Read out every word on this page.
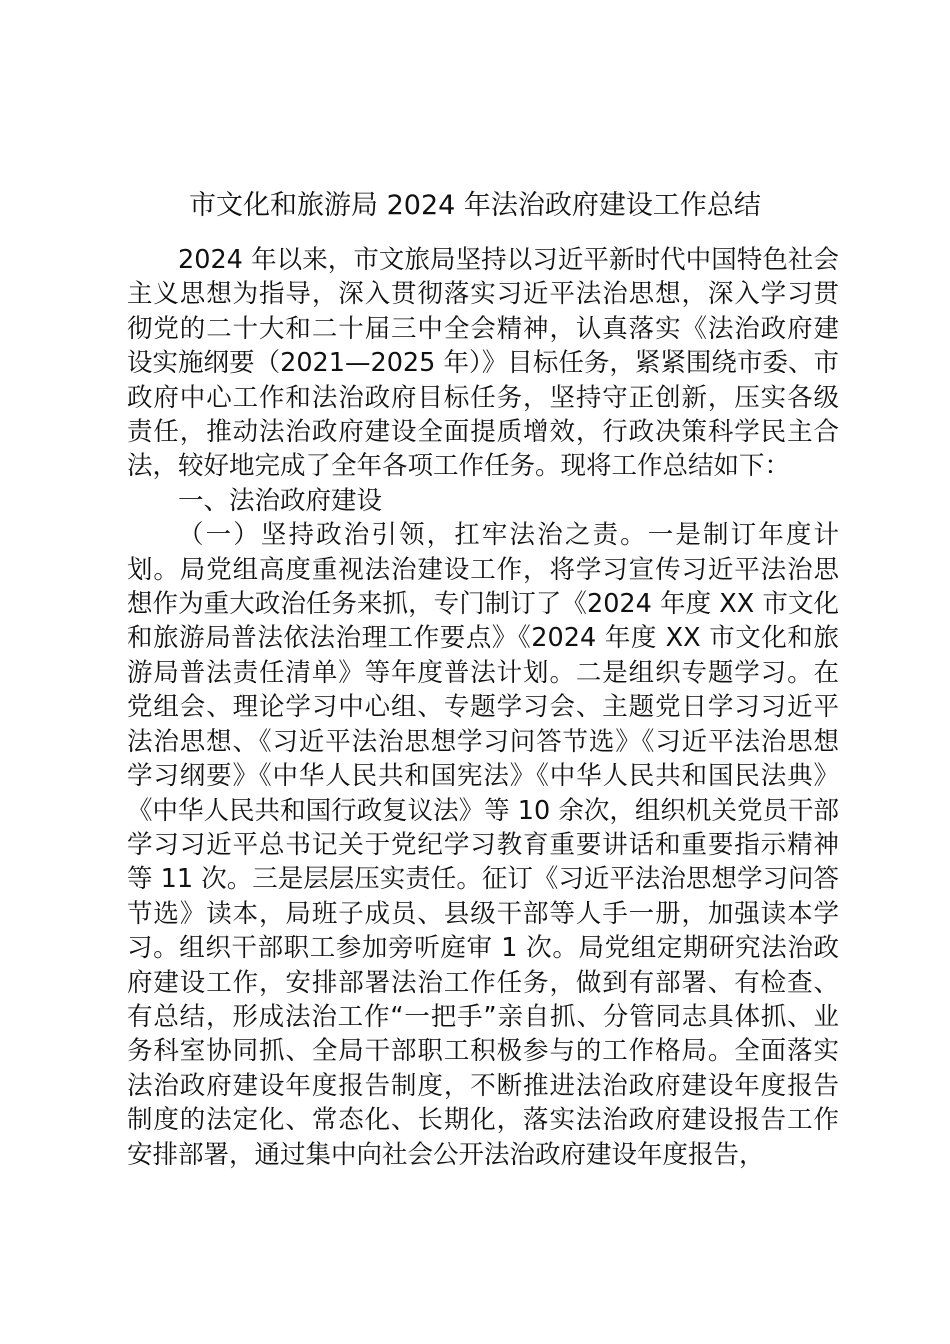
市文化和旅游局 2024 年法治政府建设工作总结

2024 年以来，市文旅局坚持以习近平新时代中国特色社会主义思想为指导，深入贯彻落实习近平法治思想，深入学习贯彻党的二十大和二十届三中全会精神，认真落实《法治政府建设实施纲要（2021—2025 年）》目标任务，紧紧围绕市委、市政府中心工作和法治政府目标任务，坚持守正创新，压实各级责任，推动法治政府建设全面提质增效，行政决策科学民主合法，较好地完成了全年各项工作任务。现将工作总结如下：

一、法治政府建设

（一）坚持政治引领，扛牢法治之责。一是制订年度计划。局党组高度重视法治建设工作，将学习宣传习近平法治思想作为重大政治任务来抓，专门制订了《2024 年度 XX 市文化和旅游局普法依法治理工作要点》《2024 年度 XX 市文化和旅游局普法责任清单》等年度普法计划。二是组织专题学习。在党组会、理论学习中心组、专题学习会、主题党日学习习近平法治思想、《习近平法治思想学习问答节选》《习近平法治思想学习纲要》《中华人民共和国宪法》《中华人民共和国民法典》《中华人民共和国行政复议法》等 10 余次，组织机关党员干部学习习近平总书记关于党纪学习教育重要讲话和重要指示精神等 11 次。三是层层压实责任。征订《习近平法治思想学习问答节选》读本，局班子成员、县级干部等人手一册，加强读本学习。组织干部职工参加旁听庭审 1 次。局党组定期研究法治政府建设工作，安排部署法治工作任务，做到有部署、有检查、有总结，形成法治工作“一把手”亲自抓、分管同志具体抓、业务科室协同抓、全局干部职工积极参与的工作格局。全面落实法治政府建设年度报告制度，不断推进法治政府建设年度报告制度的法定化、常态化、长期化，落实法治政府建设报告工作安排部署，通过集中向社会公开法治政府建设年度报告，
